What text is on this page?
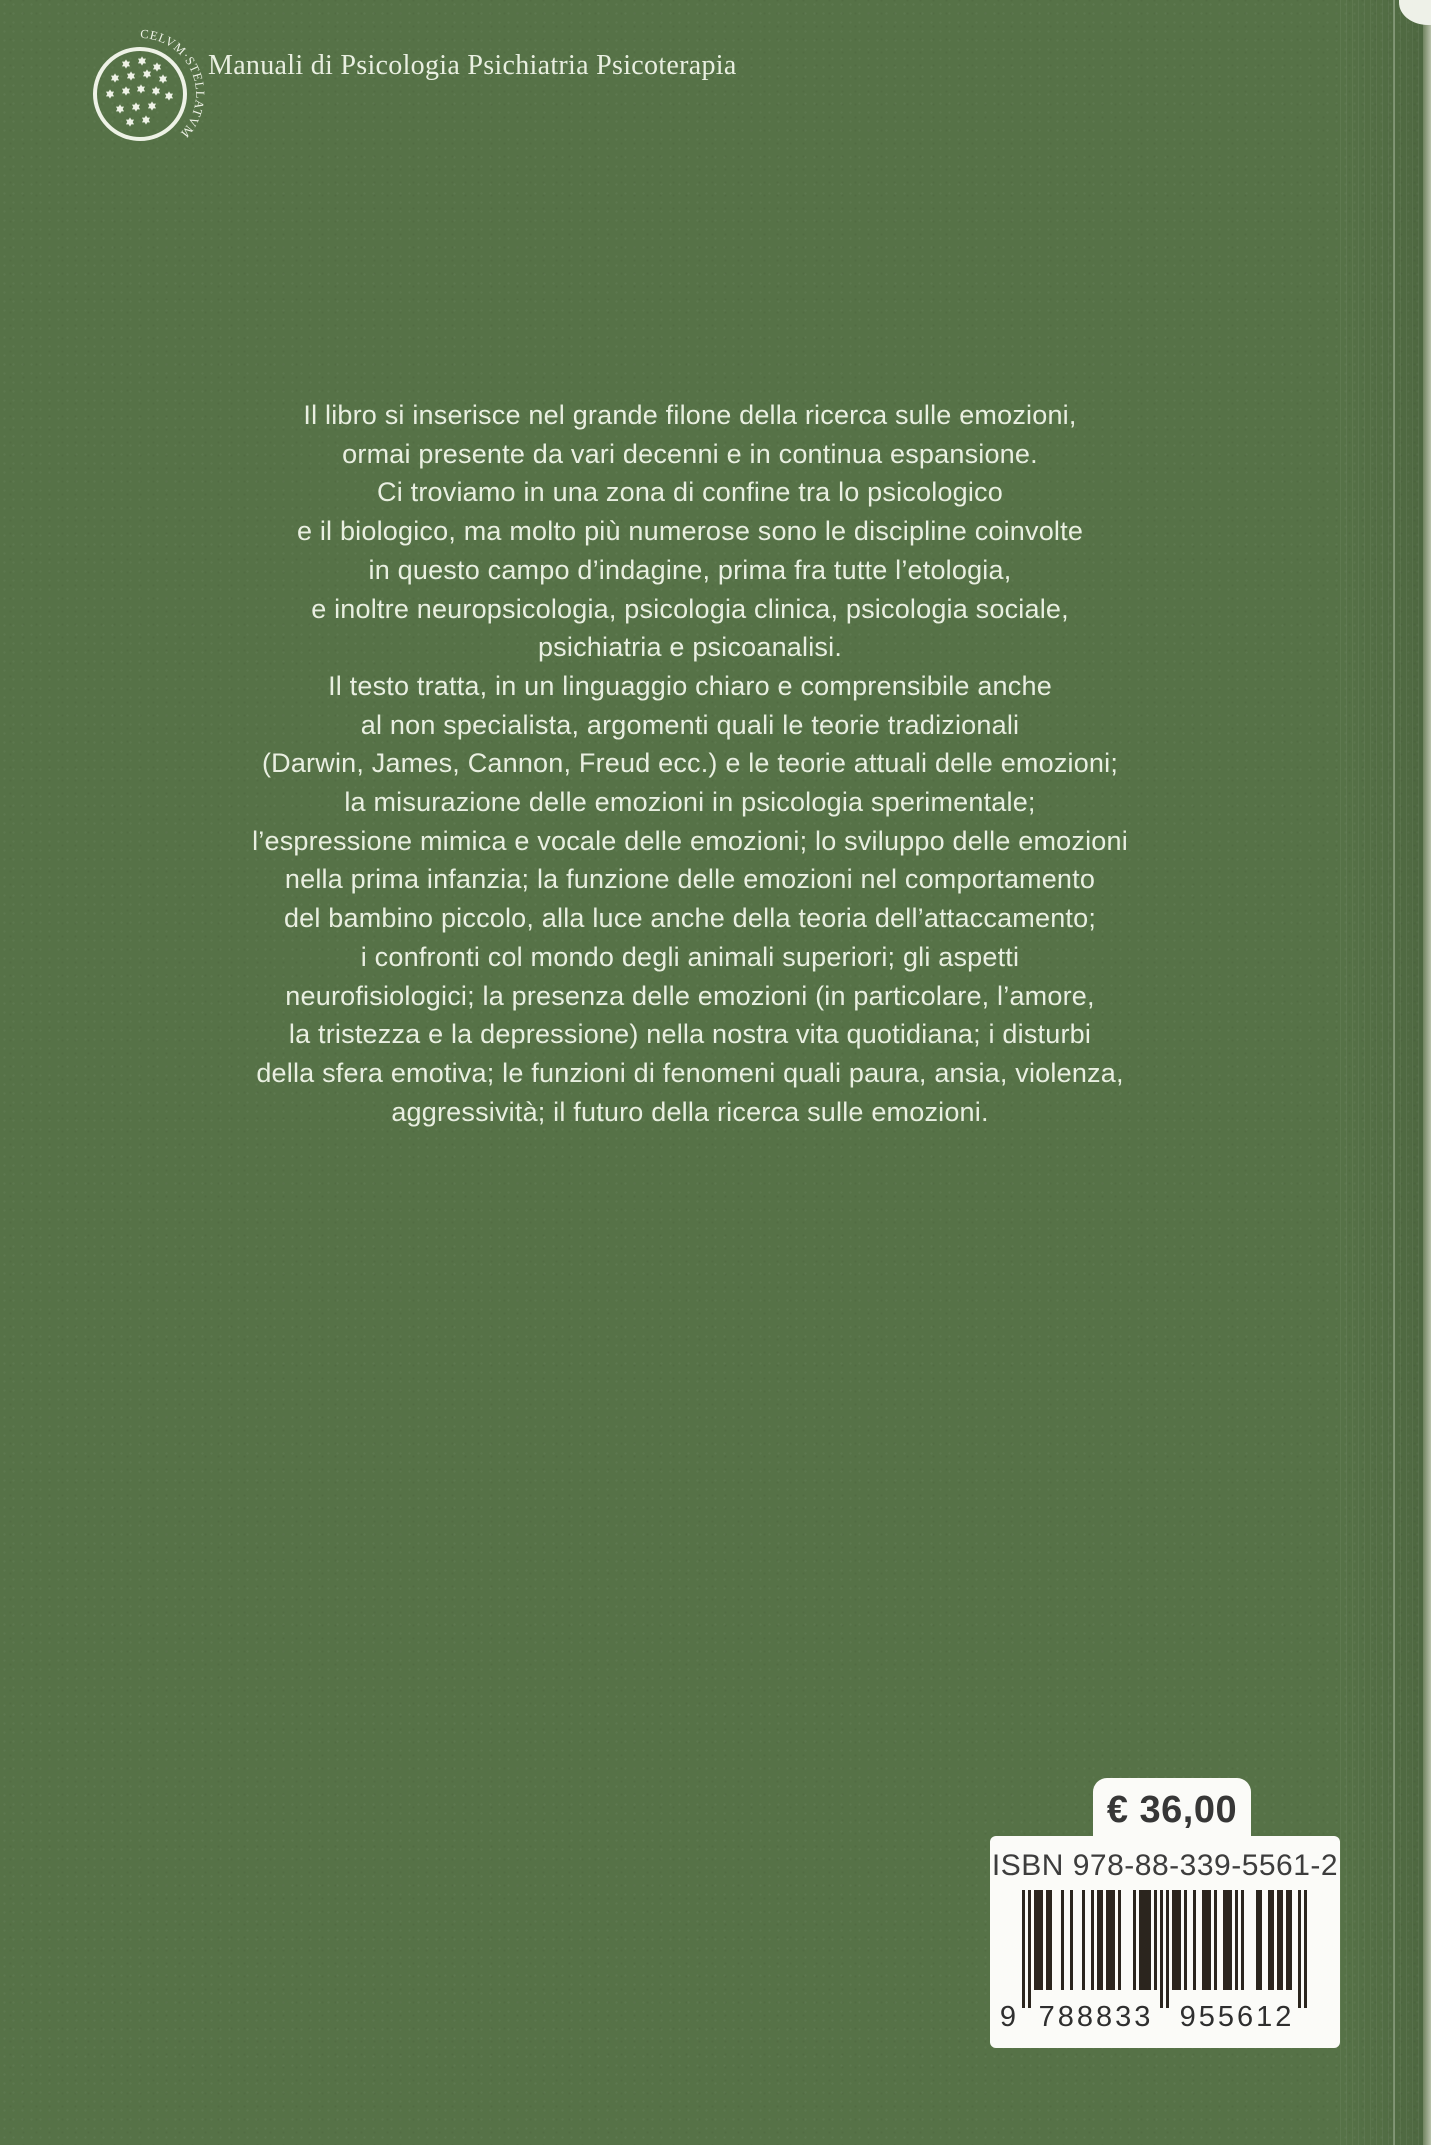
CELVM·STELLATVM
Manuali di Psicologia Psichiatria Psicoterapia
Il libro si inserisce nel grande filone della ricerca sulle emozioni,
ormai presente da vari decenni e in continua espansione.
Ci troviamo in una zona di confine tra lo psicologico
e il biologico, ma molto più numerose sono le discipline coinvolte
in questo campo d’indagine, prima fra tutte l’etologia,
e inoltre neuropsicologia, psicologia clinica, psicologia sociale,
psichiatria e psicoanalisi.
Il testo tratta, in un linguaggio chiaro e comprensibile anche
al non specialista, argomenti quali le teorie tradizionali
(Darwin, James, Cannon, Freud ecc.) e le teorie attuali delle emozioni;
la misurazione delle emozioni in psicologia sperimentale;
l’espressione mimica e vocale delle emozioni; lo sviluppo delle emozioni
nella prima infanzia; la funzione delle emozioni nel comportamento
del bambino piccolo, alla luce anche della teoria dell’attaccamento;
i confronti col mondo degli animali superiori; gli aspetti
neurofisiologici; la presenza delle emozioni (in particolare, l’amore,
la tristezza e la depressione) nella nostra vita quotidiana; i disturbi
della sfera emotiva; le funzioni di fenomeni quali paura, ansia, violenza,
aggressività; il futuro della ricerca sulle emozioni.
€ 36,00
ISBN 978-88-339-5561-2
9 788833 955612
